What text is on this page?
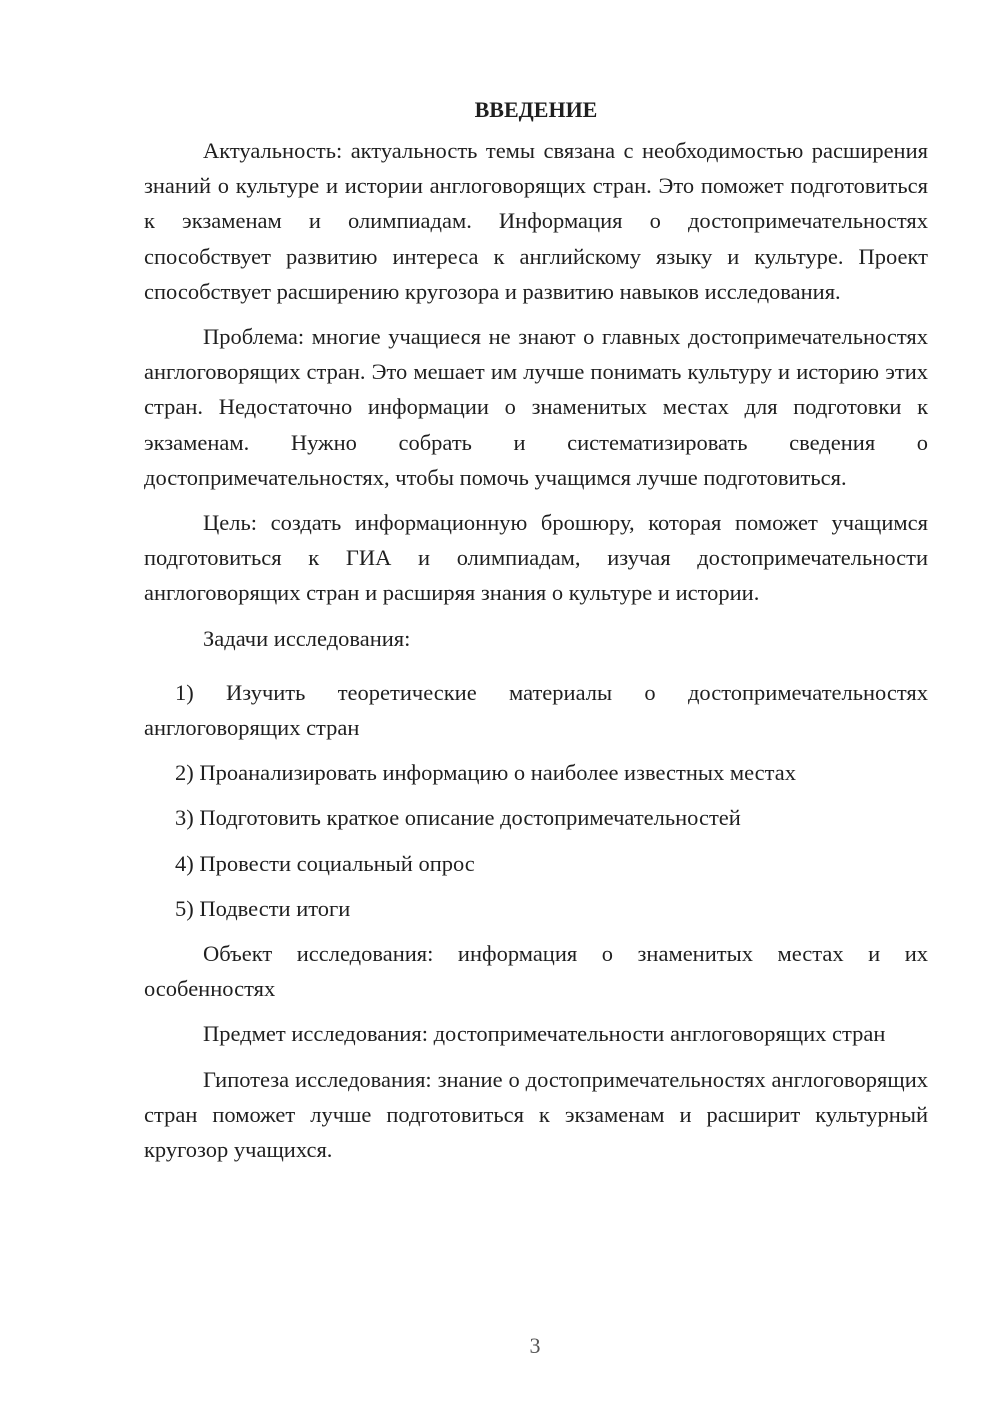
ВВЕДЕНИЕ

Актуальность: актуальность темы связана с необходимостью расширения знаний о культуре и истории англоговорящих стран. Это поможет подготовиться к экзаменам и олимпиадам. Информация о достопримечательностях способствует развитию интереса к английскому языку и культуре. Проект способствует расширению кругозора и развитию навыков исследования.

Проблема: многие учащиеся не знают о главных достопримечательностях англоговорящих стран. Это мешает им лучше понимать культуру и историю этих стран. Недостаточно информации о знаменитых местах для подготовки к экзаменам. Нужно собрать и систематизировать сведения о достопримечательностях, чтобы помочь учащимся лучше подготовиться.

Цель: создать информационную брошюру, которая поможет учащимся подготовиться к ГИА и олимпиадам, изучая достопримечательности англоговорящих стран и расширяя знания о культуре и истории.

Задачи исследования:

1) Изучить теоретические материалы о достопримечательностях англоговорящих стран

2) Проанализировать информацию о наиболее известных местах

3) Подготовить краткое описание достопримечательностей

4) Провести социальный опрос

5) Подвести итоги

Объект исследования: информация о знаменитых местах и их особенностях

Предмет исследования: достопримечательности англоговорящих стран

Гипотеза исследования: знание о достопримечательностях англоговорящих стран поможет лучше подготовиться к экзаменам и расширит культурный кругозор учащихся.

3
